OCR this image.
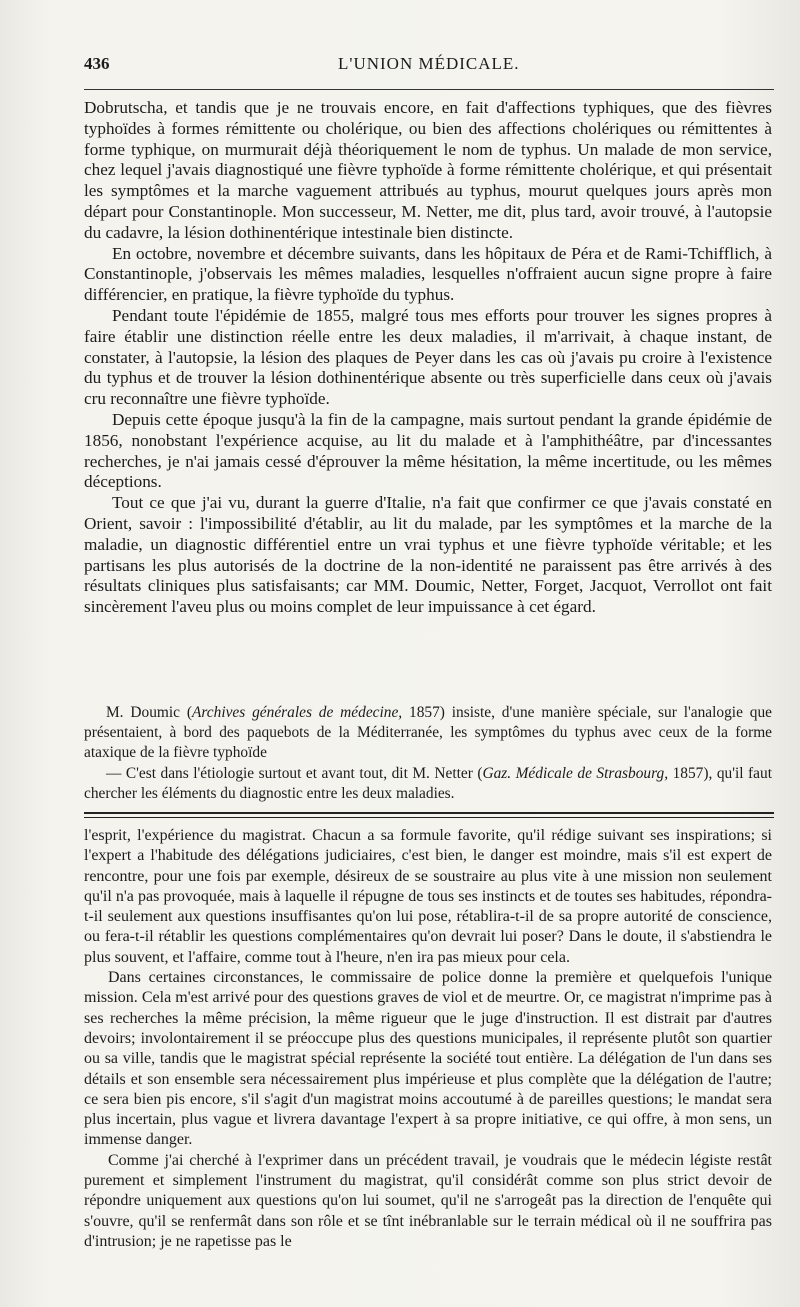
436	L'UNION MÉDICALE.

Dobrutscha, et tandis que je ne trouvais encore, en fait d'affections typhiques, que des fièvres typhoïdes à formes rémittente ou cholérique, ou bien des affections cholériques ou rémittentes à forme typhique, on murmurait déjà théoriquement le nom de typhus. Un malade de mon service, chez lequel j'avais diagnostiqué une fièvre typhoïde à forme rémittente cholérique, et qui présentait les symptômes et la marche vaguement attribués au typhus, mourut quelques jours après mon départ pour Constantinople. Mon successeur, M. Netter, me dit, plus tard, avoir trouvé, à l'autopsie du cadavre, la lésion dothinentérique intestinale bien distincte.

En octobre, novembre et décembre suivants, dans les hôpitaux de Péra et de Rami-Tchifflich, à Constantinople, j'observais les mêmes maladies, lesquelles n'offraient aucun signe propre à faire différencier, en pratique, la fièvre typhoïde du typhus.

Pendant toute l'épidémie de 1855, malgré tous mes efforts pour trouver les signes propres à faire établir une distinction réelle entre les deux maladies, il m'arrivait, à chaque instant, de constater, à l'autopsie, la lésion des plaques de Peyer dans les cas où j'avais pu croire à l'existence du typhus et de trouver la lésion dothinentérique absente ou très superficielle dans ceux où j'avais cru reconnaître une fièvre typhoïde.

Depuis cette époque jusqu'à la fin de la campagne, mais surtout pendant la grande épidémie de 1856, nonobstant l'expérience acquise, au lit du malade et à l'amphithéâtre, par d'incessantes recherches, je n'ai jamais cessé d'éprouver la même hésitation, la même incertitude, ou les mêmes déceptions.

Tout ce que j'ai vu, durant la guerre d'Italie, n'a fait que confirmer ce que j'avais constaté en Orient, savoir : l'impossibilité d'établir, au lit du malade, par les symptômes et la marche de la maladie, un diagnostic différentiel entre un vrai typhus et une fièvre typhoïde véritable; et les partisans les plus autorisés de la doctrine de la non-identité ne paraissent pas être arrivés à des résultats cliniques plus satisfaisants; car MM. Doumic, Netter, Forget, Jacquot, Verrollot ont fait sincèrement l'aveu plus ou moins complet de leur impuissance à cet égard.

M. Doumic (Archives générales de médecine, 1857) insiste, d'une manière spéciale, sur l'analogie que présentaient, à bord des paquebots de la Méditerranée, les symptômes du typhus avec ceux de la forme ataxique de la fièvre typhoïde

— C'est dans l'étiologie surtout et avant tout, dit M. Netter (Gaz. Médicale de Strasbourg, 1857), qu'il faut chercher les éléments du diagnostic entre les deux maladies.

l'esprit, l'expérience du magistrat. Chacun a sa formule favorite, qu'il rédige suivant ses inspirations; si l'expert a l'habitude des délégations judiciaires, c'est bien, le danger est moindre, mais s'il est expert de rencontre, pour une fois par exemple, désireux de se soustraire au plus vite à une mission non seulement qu'il n'a pas provoquée, mais à laquelle il répugne de tous ses instincts et de toutes ses habitudes, répondra-t-il seulement aux questions insuffisantes qu'on lui pose, rétablira-t-il de sa propre autorité de conscience, ou fera-t-il rétablir les questions complémentaires qu'on devrait lui poser? Dans le doute, il s'abstiendra le plus souvent, et l'affaire, comme tout à l'heure, n'en ira pas mieux pour cela.

Dans certaines circonstances, le commissaire de police donne la première et quelquefois l'unique mission. Cela m'est arrivé pour des questions graves de viol et de meurtre. Or, ce magistrat n'imprime pas à ses recherches la même précision, la même rigueur que le juge d'instruction. Il est distrait par d'autres devoirs; involontairement il se préoccupe plus des questions municipales, il représente plutôt son quartier ou sa ville, tandis que le magistrat spécial représente la société tout entière. La délégation de l'un dans ses détails et son ensemble sera nécessairement plus impérieuse et plus complète que la délégation de l'autre; ce sera bien pis encore, s'il s'agit d'un magistrat moins accoutumé à de pareilles questions; le mandat sera plus incertain, plus vague et livrera davantage l'expert à sa propre initiative, ce qui offre, à mon sens, un immense danger.

Comme j'ai cherché à l'exprimer dans un précédent travail, je voudrais que le médecin légiste restât purement et simplement l'instrument du magistrat, qu'il considérât comme son plus strict devoir de répondre uniquement aux questions qu'on lui soumet, qu'il ne s'arrogeât pas la direction de l'enquête qui s'ouvre, qu'il se renfermât dans son rôle et se tînt inébranlable sur le terrain médical où il ne souffrira pas d'intrusion; je ne rapetisse pas le
